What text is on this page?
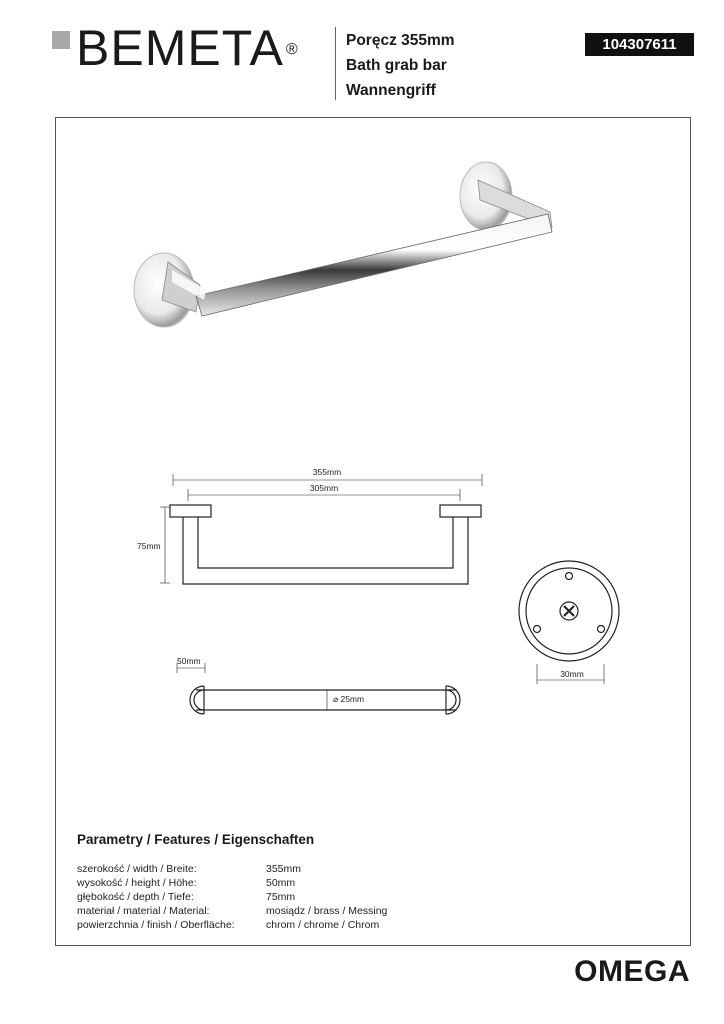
BEMETA ®
Poręcz 355mm
Bath grab bar
Wannengriff
104307611
355mm
305mm
75mm
50mm
⌀ 25mm
30mm
Parametry / Features / Eigenschaften
szerokość / width / Breite:
wysokość / height / Höhe:
głębokość / depth / Tiefe:
materiał / material / Material:
powierzchnia / finish / Oberfläche:
355mm
50mm
75mm
mosiądz / brass / Messing
chrom / chrome / Chrom
OMEGA
